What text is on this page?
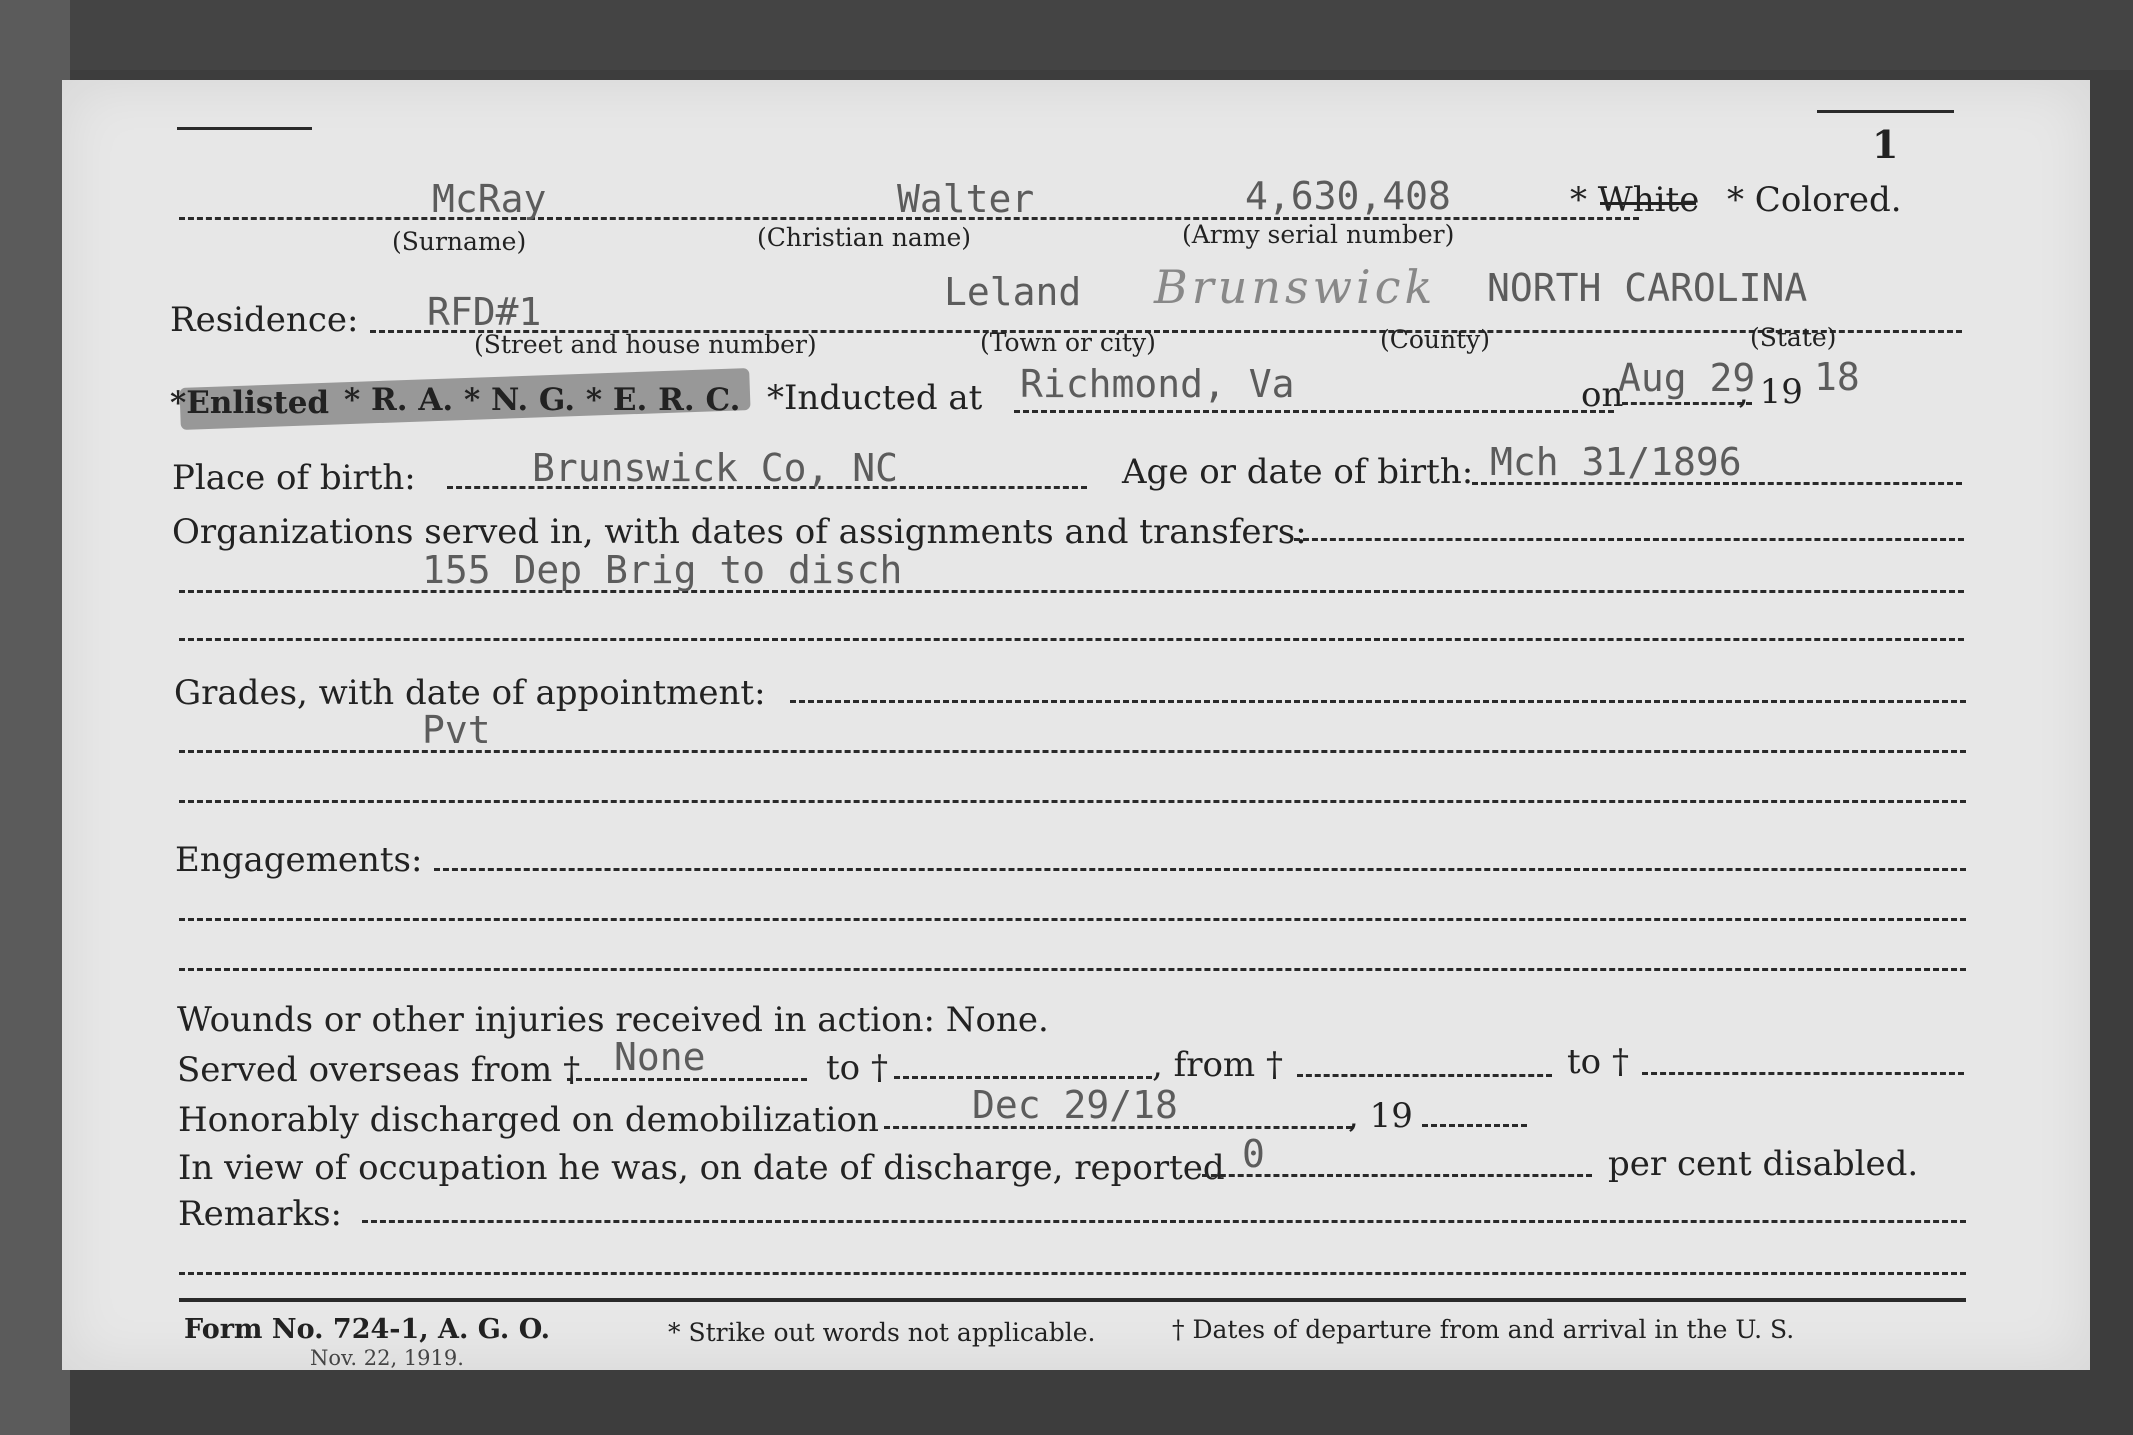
1
McRay	Walter	4,630,408	* White * Colored.
(Surname)	(Christian name)	(Army serial number)
Residence: RFD#1	Leland Brunswick NORTH CAROLINA
(Street and house number)	(Town or city)	(County)	(State)
*Enlisted * R. A. * N. G. * E. R. C. *Inducted at Richmond, Va	on
Aug 29
, 19 18
Place of birth:	Brunswick Co, NC	Age or date of birth: Mch 31/1896
Organizations served in, with dates of assignments and transfers:
155 Dep Brig to disch
Grades, with date of appointment:
Pvt
Engagements:
Wounds or other injuries received in action: None.
Served overseas from † None	to †	, from †	to †
Honorably discharged on demobilization Dec 29/18	, 19
In view of occupation he was, on date of discharge, reported 0	per cent disabled.
Remarks:
Form No. 724-1, A. G. O.	* Strike out words not applicable.	† Dates of departure from and arrival in the U. S.
Nov. 22, 1919.
